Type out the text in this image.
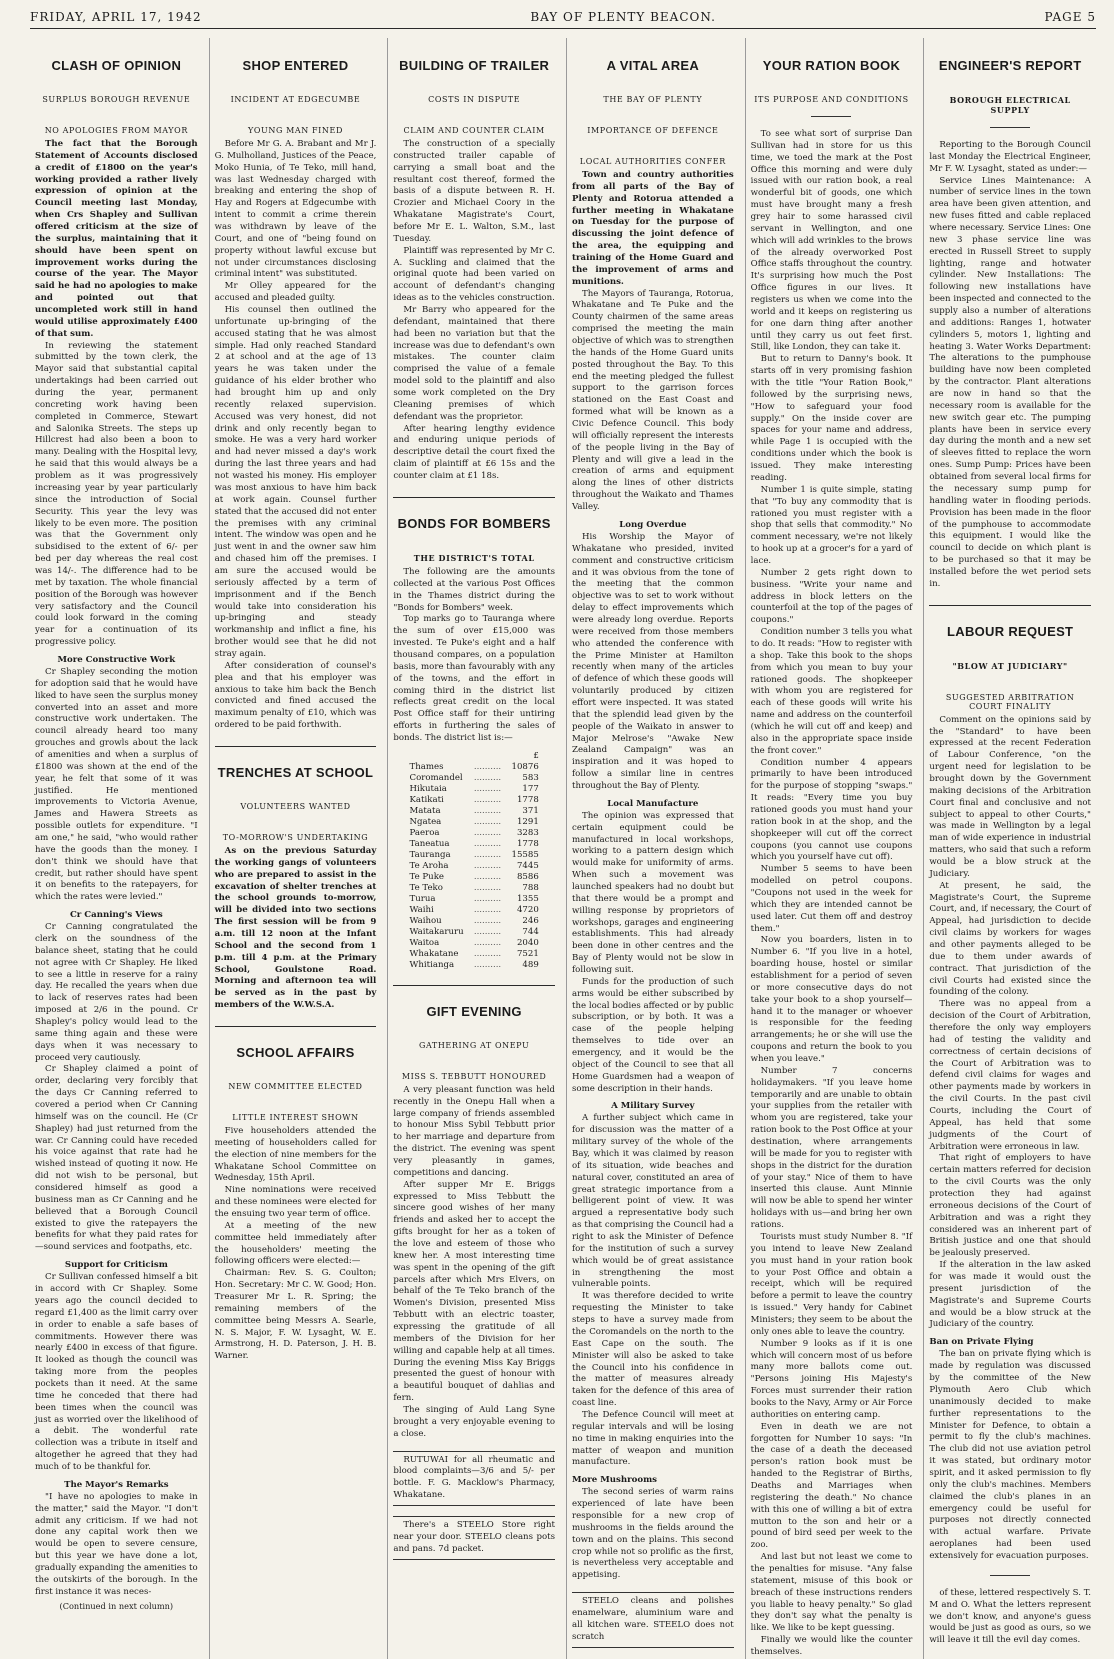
FRIDAY, APRIL 17, 1942	BAY OF PLENTY BEACON.	PAGE 5
CLASH OF OPINION
SURPLUS BOROUGH REVENUE
NO APOLOGIES FROM MAYOR

The fact that the Borough Statement of Accounts disclosed a credit of £1800 on the year's working provided a rather lively expression of opinion at the Council meeting last Monday, when Crs Shapley and Sullivan offered criticism at the size of the surplus, maintaining that it should have been spent on improvement works during the course of the year. The Mayor said he had no apologies to make and pointed out that uncompleted work still in hand would utilise approximately £400 of that sum.

In reviewing the statement submitted by the town clerk, the Mayor said that substantial capital undertakings had been carried out during the year, permanent concreting work having been completed in Commerce, Stewart and Salonika Streets. The steps up Hillcrest had also been a boon to many. Dealing with the Hospital levy, he said that this would always be a problem as it was progressively increasing year by year particularly since the introduction of Social Security. This year the levy was likely to be even more. The position was that the Government only subsidised to the extent of 6/- per bed per day whereas the real cost was 14/-. The difference had to be met by taxation. The whole financial position of the Borough was however very satisfactory and the Council could look forward in the coming year for a continuation of its progressive policy.

More Constructive Work

Cr Shapley seconding the motion for adoption said that he would have liked to have seen the surplus money converted into an asset and more constructive work undertaken. The council already heard too many grouches and growls about the lack of amenities and when a surplus of £1800 was shown at the end of the year, he felt that some of it was justified. He mentioned improvements to Victoria Avenue, James and Hawera Streets as possible outlets for expenditure. "I am one," he said, "who would rather have the goods than the money. I don't think we should have that credit, but rather should have spent it on benefits to the ratepayers, for which the rates were levied."

Cr Canning's Views

Cr Canning congratulated the clerk on the soundness of the balance sheet, stating that he could not agree with Cr Shapley. He liked to see a little in reserve for a rainy day. He recalled the years when due to lack of reserves rates had been imposed at 2/6 in the pound. Cr Shapley's policy would lead to the same thing again and these were days when it was necessary to proceed very cautiously.

Cr Shapley claimed a point of order, declaring very forcibly that the days Cr Canning referred to covered a period when Cr Canning himself was on the council. He (Cr Shapley) had just returned from the war. Cr Canning could have receded his voice against that rate had he wished instead of quoting it now. He did not wish to be personal, but considered himself as good a business man as Cr Canning and he believed that a Borough Council existed to give the ratepayers the benefits for what they paid rates for—sound services and footpaths, etc.

Support for Criticism

Cr Sullivan confessed himself a bit in accord with Cr Shapley. Some years ago the council decided to regard £1,400 as the limit carry over in order to enable a safe bases of commitments. However there was nearly £400 in excess of that figure. It looked as though the council was taking more from the peoples pockets than it need. At the same time he conceded that there had been times when the council was just as worried over the likelihood of a debit. The wonderful rate collection was a tribute in itself and altogether he agreed that they had much of to be thankful for.

The Mayor's Remarks

"I have no apologies to make in the matter," said the Mayor. "I don't admit any criticism. If we had not done any capital work then we would be open to severe censure, but this year we have done a lot, gradually expanding the amenities to the outskirts of the borough. In the first instance it was neces-

(Continued in next column)
SHOP ENTERED
INCIDENT AT EDGECUMBE
YOUNG MAN FINED

Before Mr G. A. Brabant and Mr J. G. Mulholland, Justices of the Peace, Moko Hunia, of Te Teko, mill hand, was last Wednesday charged with breaking and entering the shop of Hay and Rogers at Edgecumbe with intent to commit a crime therein was withdrawn by leave of the Court, and one of "being found on property without lawful excuse but not under circumstances disclosing criminal intent" was substituted.

Mr Olley appeared for the accused and pleaded guilty.

His counsel then outlined the unfortunate up-bringing of the accused stating that he was almost simple. Had only reached Standard 2 at school and at the age of 13 years he was taken under the guidance of his elder brother who had brought him up and only recently relaxed supervision. Accused was very honest, did not drink and only recently began to smoke. He was a very hard worker and had never missed a day's work during the last three years and had not wasted his money. His employer was most anxious to have him back at work again. Counsel further stated that the accused did not enter the premises with any criminal intent. The window was open and he just went in and the owner saw him and chased him off the premises. I am sure the accused would be seriously affected by a term of imprisonment and if the Bench would take into consideration his up-bringing and steady workmanship and inflict a fine, his brother would see that he did not stray again.

After consideration of counsel's plea and that his employer was anxious to take him back the Bench convicted and fined accused the maximum penalty of £10, which was ordered to be paid forthwith.

TRENCHES AT SCHOOL
VOLUNTEERS WANTED
TO-MORROW'S UNDERTAKING

As on the previous Saturday the working gangs of volunteers who are prepared to assist in the excavation of shelter trenches at the school grounds to-morrow, will be divided into two sections The first session will be from 9 a.m. till 12 noon at the Infant School and the second from 1 p.m. till 4 p.m. at the Primary School, Goulstone Road. Morning and afternoon tea will be served as in the past by members of the W.W.S.A.

SCHOOL AFFAIRS
NEW COMMITTEE ELECTED
LITTLE INTEREST SHOWN

Five householders attended the meeting of householders called for the election of nine members for the Whakatane School Committee on Wednesday, 15th April.

Nine nominations were received and these nominees were elected for the ensuing two year term of office.

At a meeting of the new committee held immediately after the householders' meeting the following officers were elected:—

Chairman: Rev. S. G. Coulton; Hon. Secretary: Mr C. W. Good; Hon. Treasurer Mr L. R. Spring; the remaining members of the committee being Messrs A. Searle, N. S. Major, F. W. Lysaght, W. E. Armstrong, H. D. Paterson, J. H. B. Warner.

BUILDING OF TRAILER
COSTS IN DISPUTE
CLAIM AND COUNTER CLAIM

The construction of a specially constructed trailer capable of carrying a small boat and the resultant cost thereof, formed the basis of a dispute between R. H. Crozier and Michael Coory in the Whakatane Magistrate's Court, before Mr E. L. Walton, S.M., last Tuesday.

Plaintiff was represented by Mr C. A. Suckling and claimed that the original quote had been varied on account of defendant's changing ideas as to the vehicles construction.

Mr Barry who appeared for the defendant, maintained that there had been no variation but that the increase was due to defendant's own mistakes. The counter claim comprised the value of a female model sold to the plaintiff and also some work completed on the Dry Cleaning premises of which defendant was the proprietor.

After hearing lengthy evidence and enduring unique periods of descriptive detail the court fixed the claim of plaintiff at £6 15s and the counter claim at £1 18s.

BONDS FOR BOMBERS
THE DISTRICT'S TOTAL

The following are the amounts collected at the various Post Offices in the Thames district during the "Bonds for Bombers" week.

Top marks go to Tauranga where the sum of over £15,000 was invested. Te Puke's eight and a half thousand compares, on a population basis, more than favourably with any of the towns, and the effort in coming third in the district list reflects great credit on the local Post Office staff for their untiring efforts in furthering the sales of bonds. The district list is:—

		£
Thames	..........	10876
Coromandel	..........	583
Hikutaia	..........	177
Katikati	..........	1778
Matata	..........	371
Ngatea	..........	1291
Paeroa	..........	3283
Taneatua	..........	1778
Tauranga	..........	15585
Te Aroha	..........	7445
Te Puke	..........	8586
Te Teko	..........	788
Turua	..........	1355
Waihi	..........	4720
Waihou	..........	246
Waitakaruru	..........	744
Waitoa	..........	2040
Whakatane	..........	7521
Whitianga	..........	489
GIFT EVENING
GATHERING AT ONEPU
MISS S. TEBBUTT HONOURED

A very pleasant function was held recently in the Onepu Hall when a large company of friends assembled to honour Miss Sybil Tebbutt prior to her marriage and departure from the district. The evening was spent very pleasantly in games, competitions and dancing.

After supper Mr E. Briggs expressed to Miss Tebbutt the sincere good wishes of her many friends and asked her to accept the gifts brought for her as a token of the love and esteem of those who knew her. A most interesting time was spent in the opening of the gift parcels after which Mrs Elvers, on behalf of the Te Teko branch of the Women's Division, presented Miss Tebbutt with an electric toaster, expressing the gratitude of all members of the Division for her willing and capable help at all times. During the evening Miss Kay Briggs presented the guest of honour with a beautiful bouquet of dahlias and fern.

The singing of Auld Lang Syne brought a very enjoyable evening to a close.

RUTUWAI for all rheumatic and blood complaints—3/6 and 5/- per bottle. F. G. Macklow's Pharmacy, Whakatane.

There's a STEELO Store right near your door. STEELO cleans pots and pans. 7d packet.

A VITAL AREA
THE BAY OF PLENTY
IMPORTANCE OF DEFENCE
LOCAL AUTHORITIES CONFER

Town and country authorities from all parts of the Bay of Plenty and Rotorua attended a further meeting in Whakatane on Tuesday for the purpose of discussing the joint defence of the area, the equipping and training of the Home Guard and the improvement of arms and munitions.

The Mayors of Tauranga, Rotorua, Whakatane and Te Puke and the County chairmen of the same areas comprised the meeting the main objective of which was to strengthen the hands of the Home Guard units posted throughout the Bay. To this end the meeting pledged the fullest support to the garrison forces stationed on the East Coast and formed what will be known as a Civic Defence Council. This body will officially represent the interests of the people living in the Bay of Plenty and will give a lead in the creation of arms and equipment along the lines of other districts throughout the Waikato and Thames Valley.

Long Overdue

His Worship the Mayor of Whakatane who presided, invited comment and constructive criticism and it was obvious from the tone of the meeting that the common objective was to set to work without delay to effect improvements which were already long overdue. Reports were received from those members who attended the conference with the Prime Minister at Hamilton recently when many of the articles of defence of which these goods will voluntarily produced by citizen effort were inspected. It was stated that the splendid lead given by the people of the Waikato in answer to Major Melrose's "Awake New Zealand Campaign" was an inspiration and it was hoped to follow a similar line in centres throughout the Bay of Plenty.

Local Manufacture

The opinion was expressed that certain equipment could be manufactured in local workshops, working to a pattern design which would make for uniformity of arms. When such a movement was launched speakers had no doubt but that there would be a prompt and willing response by proprietors of workshops, garages and engineering establishments. This had already been done in other centres and the Bay of Plenty would not be slow in following suit.

Funds for the production of such arms would be either subscribed by the local bodies affected or by public subscription, or by both. It was a case of the people helping themselves to tide over an emergency, and it would be the object of the Council to see that all Home Guardsmen had a weapon of some description in their hands.

A Military Survey

A further subject which came in for discussion was the matter of a military survey of the whole of the Bay, which it was claimed by reason of its situation, wide beaches and natural cover, constituted an area of great strategic importance from a belligerent point of view. It was argued a representative body such as that comprising the Council had a right to ask the Minister of Defence for the institution of such a survey which would be of great assistance in strengthening the most vulnerable points.

It was therefore decided to write requesting the Minister to take steps to have a survey made from the Coromandels on the north to the East Cape on the south. The Minister will also be asked to take the Council into his confidence in the matter of measures already taken for the defence of this area of coast line.

The Defence Council will meet at regular intervals and will be losing no time in making enquiries into the matter of weapon and munition manufacture.

More Mushrooms

The second series of warm rains experienced of late have been responsible for a new crop of mushrooms in the fields around the town and on the plains. This second crop while not so prolific as the first, is nevertheless very acceptable and appetising.

STEELO cleans and polishes enamelware, aluminium ware and all kitchen ware. STEELO does not scratch

YOUR RATION BOOK
ITS PURPOSE AND CONDITIONS

To see what sort of surprise Dan Sullivan had in store for us this time, we toed the mark at the Post Office this morning and were duly issued with our ration book, a real wonderful bit of goods, one which must have brought many a fresh grey hair to some harassed civil servant in Wellington, and one which will add wrinkles to the brows of the already overworked Post Office staffs throughout the country. It's surprising how much the Post Office figures in our lives. It registers us when we come into the world and it keeps on registering us for one darn thing after another until they carry us out feet first. Still, like London, they can take it.

But to return to Danny's book. It starts off in very promising fashion with the title "Your Ration Book," followed by the surprising news, "How to safeguard your food supply." On the inside cover are spaces for your name and address, while Page 1 is occupied with the conditions under which the book is issued. They make interesting reading.

Number 1 is quite simple, stating that "To buy any commodity that is rationed you must register with a shop that sells that commodity." No comment necessary, we're not likely to hook up at a grocer's for a yard of lace.

Number 2 gets right down to business. "Write your name and address in block letters on the counterfoil at the top of the pages of coupons."

Condition number 3 tells you what to do. It reads: "How to register with a shop. Take this book to the shops from which you mean to buy your rationed goods. The shopkeeper with whom you are registered for each of these goods will write his name and address on the counterfoil (which he will cut off and keep) and also in the appropriate space inside the front cover."

Condition number 4 appears primarily to have been introduced for the purpose of stopping "swaps." It reads: "Every time you buy rationed goods you must hand your ration book in at the shop, and the shopkeeper will cut off the correct coupons (you cannot use coupons which you yourself have cut off).

Number 5 seems to have been modelled on petrol coupons. "Coupons not used in the week for which they are intended cannot be used later. Cut them off and destroy them."

Now you boarders, listen in to Number 6. "If you live in a hotel, boarding house, hostel or similar establishment for a period of seven or more consecutive days do not take your book to a shop yourself—hand it to the manager or whoever is responsible for the feeding arrangements; he or she will use the coupons and return the book to you when you leave."

Number 7 concerns holidaymakers. "If you leave home temporarily and are unable to obtain your supplies from the retailer with whom you are registered, take your ration book to the Post Office at your destination, where arrangements will be made for you to register with shops in the district for the duration of your stay." Nice of them to have inserted this clause. Aunt Minnie will now be able to spend her winter holidays with us—and bring her own rations.

Tourists must study Number 8. "If you intend to leave New Zealand you must hand in your ration book to your Post Office and obtain a receipt, which will be required before a permit to leave the country is issued." Very handy for Cabinet Ministers; they seem to be about the only ones able to leave the country.

Number 9 looks as if it is one which will concern most of us before many more ballots come out. "Persons joining His Majesty's Forces must surrender their ration books to the Navy, Army or Air Force authorities on entering camp.

Even in death we are not forgotten for Number 10 says: "In the case of a death the deceased person's ration book must be handed to the Registrar of Births, Deaths and Marriages when registering the death." No chance with this one of willing a bit of extra mutton to the son and heir or a pound of bird seed per week to the zoo.

And last but not least we come to the penalties for misuse. "Any false statement, misuse of this book or breach of these instructions renders you liable to heavy penalty." So glad they don't say what the penalty is like. We like to be kept guessing.

Finally we would like the counter themselves.

ENGINEER'S REPORT
BOROUGH ELECTRICAL SUPPLY

Reporting to the Borough Council last Monday the Electrical Engineer, Mr F. W. Lysaght, stated as under:—

Service Lines Maintenance: A number of service lines in the town area have been given attention, and new fuses fitted and cable replaced where necessary. Service Lines: One new 3 phase service line was erected in Russell Street to supply lighting, range and hotwater cylinder. New Installations: The following new installations have been inspected and connected to the supply also a number of alterations and additions: Ranges 1, hotwater cylinders 5, motors 1, lighting and heating 3. Water Works Department: The alterations to the pumphouse building have now been completed by the contractor. Plant alterations are now in hand so that the necessary room is available for the new switch gear etc. The pumping plants have been in service every day during the month and a new set of sleeves fitted to replace the worn ones. Sump Pump: Prices have been obtained from several local firms for the necessary sump pump for handling water in flooding periods. Provision has been made in the floor of the pumphouse to accommodate this equipment. I would like the council to decide on which plant is to be purchased so that it may be installed before the wet period sets in.

LABOUR REQUEST
"BLOW AT JUDICIARY"
SUGGESTED ARBITRATION COURT FINALITY

Comment on the opinions said by the "Standard" to have been expressed at the recent Federation of Labour Conference, "on the urgent need for legislation to be brought down by the Government making decisions of the Arbitration Court final and conclusive and not subject to appeal to other Courts," was made in Wellington by a legal man of wide experience in industrial matters, who said that such a reform would be a blow struck at the Judiciary.

At present, he said, the Magistrate's Court, the Supreme Court, and, if necessary, the Court of Appeal, had jurisdiction to decide civil claims by workers for wages and other payments alleged to be due to them under awards of contract. That jurisdiction of the civil Courts had existed since the founding of the colony.

There was no appeal from a decision of the Court of Arbitration, therefore the only way employers had of testing the validity and correctness of certain decisions of the Court of Arbitration was to defend civil claims for wages and other payments made by workers in the civil Courts. In the past civil Courts, including the Court of Appeal, has held that some judgments of the Court of Arbitration were erroneous in law.

That right of employers to have certain matters referred for decision to the civil Courts was the only protection they had against erroneous decisions of the Court of Arbitration and was a right they considered was an inherent part of British justice and one that should be jealously preserved.

If the alteration in the law asked for was made it would oust the present jurisdiction of the Magistrate's and Supreme Courts and would be a blow struck at the Judiciary of the country.

Ban on Private Flying

The ban on private flying which is made by regulation was discussed by the committee of the New Plymouth Aero Club which unanimously decided to make further representations to the Minister for Defence, to obtain a permit to fly the club's machines. The club did not use aviation petrol it was stated, but ordinary motor spirit, and it asked permission to fly only the club's machines. Members claimed the club's planes in an emergency could be useful for purposes not directly connected with actual warfare. Private aeroplanes had been used extensively for evacuation purposes.

of these, lettered respectively S. T. M and O. What the letters represent we don't know, and anyone's guess would be just as good as ours, so we will leave it till the evil day comes.
